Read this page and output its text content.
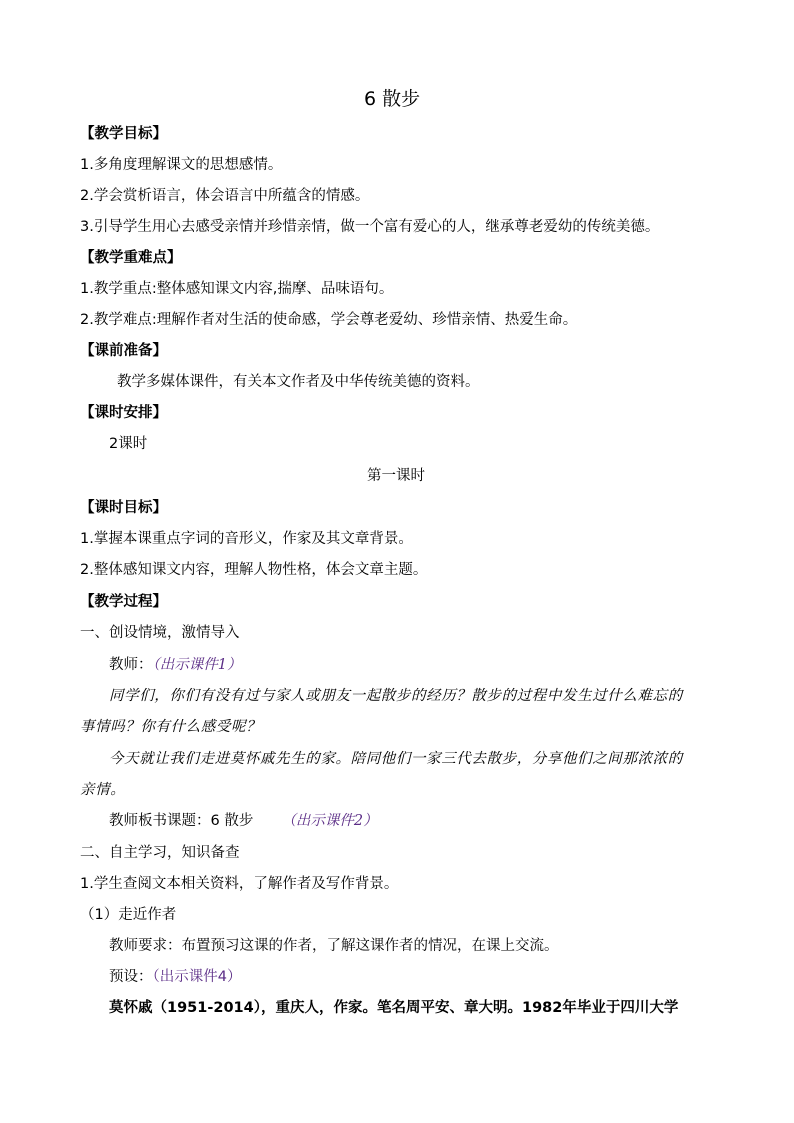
6 散步
【教学目标】
1.多角度理解课文的思想感情。
2.学会赏析语言，体会语言中所蕴含的情感。
3.引导学生用心去感受亲情并珍惜亲情，做一个富有爱心的人，继承尊老爱幼的传统美德。
【教学重难点】
1.教学重点:整体感知课文内容,揣摩、品味语句。
2.教学难点:理解作者对生活的使命感，学会尊老爱幼、珍惜亲情、热爱生命。
【课前准备】
教学多媒体课件，有关本文作者及中华传统美德的资料。
【课时安排】
2课时
第一课时
【课时目标】
1.掌握本课重点字词的音形义，作家及其文章背景。
2.整体感知课文内容，理解人物性格，体会文章主题。
【教学过程】
一、创设情境，激情导入
教师：（出示课件1）
同学们，你们有没有过与家人或朋友一起散步的经历？散步的过程中发生过什么难忘的
事情吗？你有什么感受呢？
今天就让我们走进莫怀戚先生的家。陪同他们一家三代去散步，分享他们之间那浓浓的
亲情。
教师板书课题：6 散步 （出示课件2）
二、自主学习，知识备查
1.学生查阅文本相关资料，了解作者及写作背景。
（1）走近作者
教师要求：布置预习这课的作者，了解这课作者的情况，在课上交流。
预设：（出示课件4）
莫怀戚（1951-2014），重庆人，作家。笔名周平安、章大明。1982年毕业于四川大学
